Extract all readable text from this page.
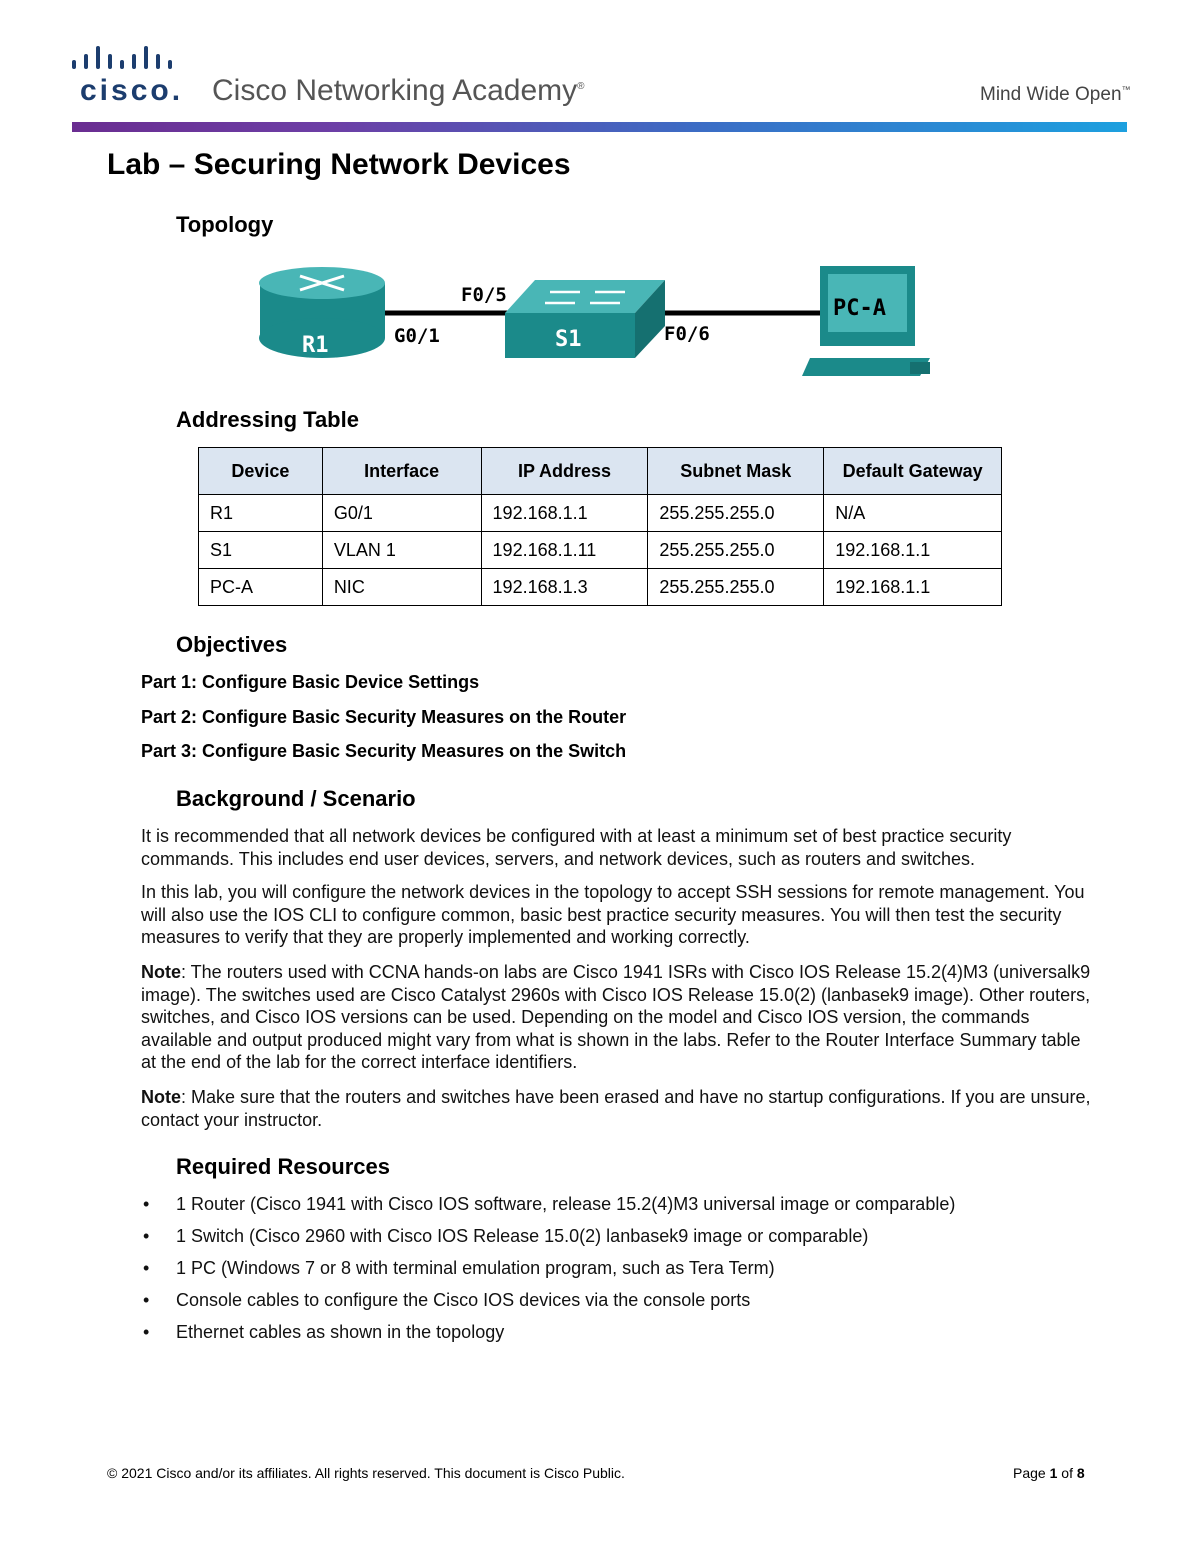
cisco. Cisco Networking Academy®	Mind Wide Open™
Lab – Securing Network Devices
Topology
R1	S1
PC-A
G0/1
F0/5
F0/6
Addressing Table
Device	Interface	IP Address	Subnet Mask	Default Gateway
R1	G0/1	192.168.1.1	255.255.255.0	N/A
S1	VLAN 1	192.168.1.11	255.255.255.0	192.168.1.1
PC-A	NIC	192.168.1.3	255.255.255.0	192.168.1.1
Objectives
Part 1: Configure Basic Device Settings
Part 2: Configure Basic Security Measures on the Router
Part 3: Configure Basic Security Measures on the Switch
Background / Scenario
It is recommended that all network devices be configured with at least a minimum set of best practice security commands. This includes end user devices, servers, and network devices, such as routers and switches.
In this lab, you will configure the network devices in the topology to accept SSH sessions for remote management. You will also use the IOS CLI to configure common, basic best practice security measures. You will then test the security measures to verify that they are properly implemented and working correctly.
Note: The routers used with CCNA hands-on labs are Cisco 1941 ISRs with Cisco IOS Release 15.2(4)M3 (universalk9 image). The switches used are Cisco Catalyst 2960s with Cisco IOS Release 15.0(2) (lanbasek9 image). Other routers, switches, and Cisco IOS versions can be used. Depending on the model and Cisco IOS version, the commands available and output produced might vary from what is shown in the labs. Refer to the Router Interface Summary table at the end of the lab for the correct interface identifiers.
Note: Make sure that the routers and switches have been erased and have no startup configurations. If you are unsure, contact your instructor.
Required Resources
• 1 Router (Cisco 1941 with Cisco IOS software, release 15.2(4)M3 universal image or comparable)
• 1 Switch (Cisco 2960 with Cisco IOS Release 15.0(2) lanbasek9 image or comparable)
• 1 PC (Windows 7 or 8 with terminal emulation program, such as Tera Term)
• Console cables to configure the Cisco IOS devices via the console ports
• Ethernet cables as shown in the topology
© 2021 Cisco and/or its affiliates. All rights reserved. This document is Cisco Public.	Page 1 of 8
